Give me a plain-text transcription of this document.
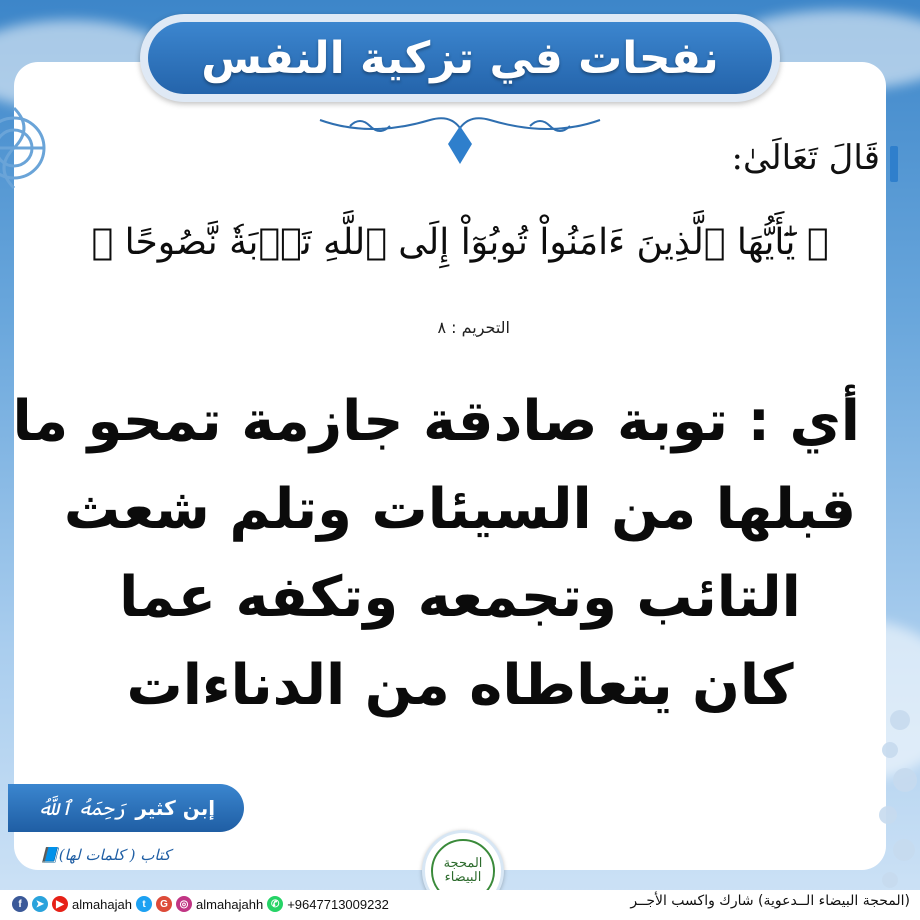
نفحات في تزكية النفس
قَالَ تَعَالَىٰ:
﴿ يَٰٓأَيُّهَا ٱلَّذِينَ ءَامَنُواْ تُوبُوٓاْ إِلَى ٱللَّهِ تَوۡبَةٗ نَّصُوحًا ﴾
التحريم : ٨
أي : توبة صادقة جازمة تمحو ما
قبلها من السيئات وتلم شعث
التائب وتجمعه وتكفه عما
كان يتعاطاه من الدناءات
إبن كثير
رَحِمَهُ ٱللَّهُ
كتاب ( كلمات لها)📘	المحجة البيضاء
f	➤	▶ almahajah	t	G	◎ almahajahh ✆ +9647713009232	(المحجة البيضاء الــدعوية) شارك واكسب الأجــر
